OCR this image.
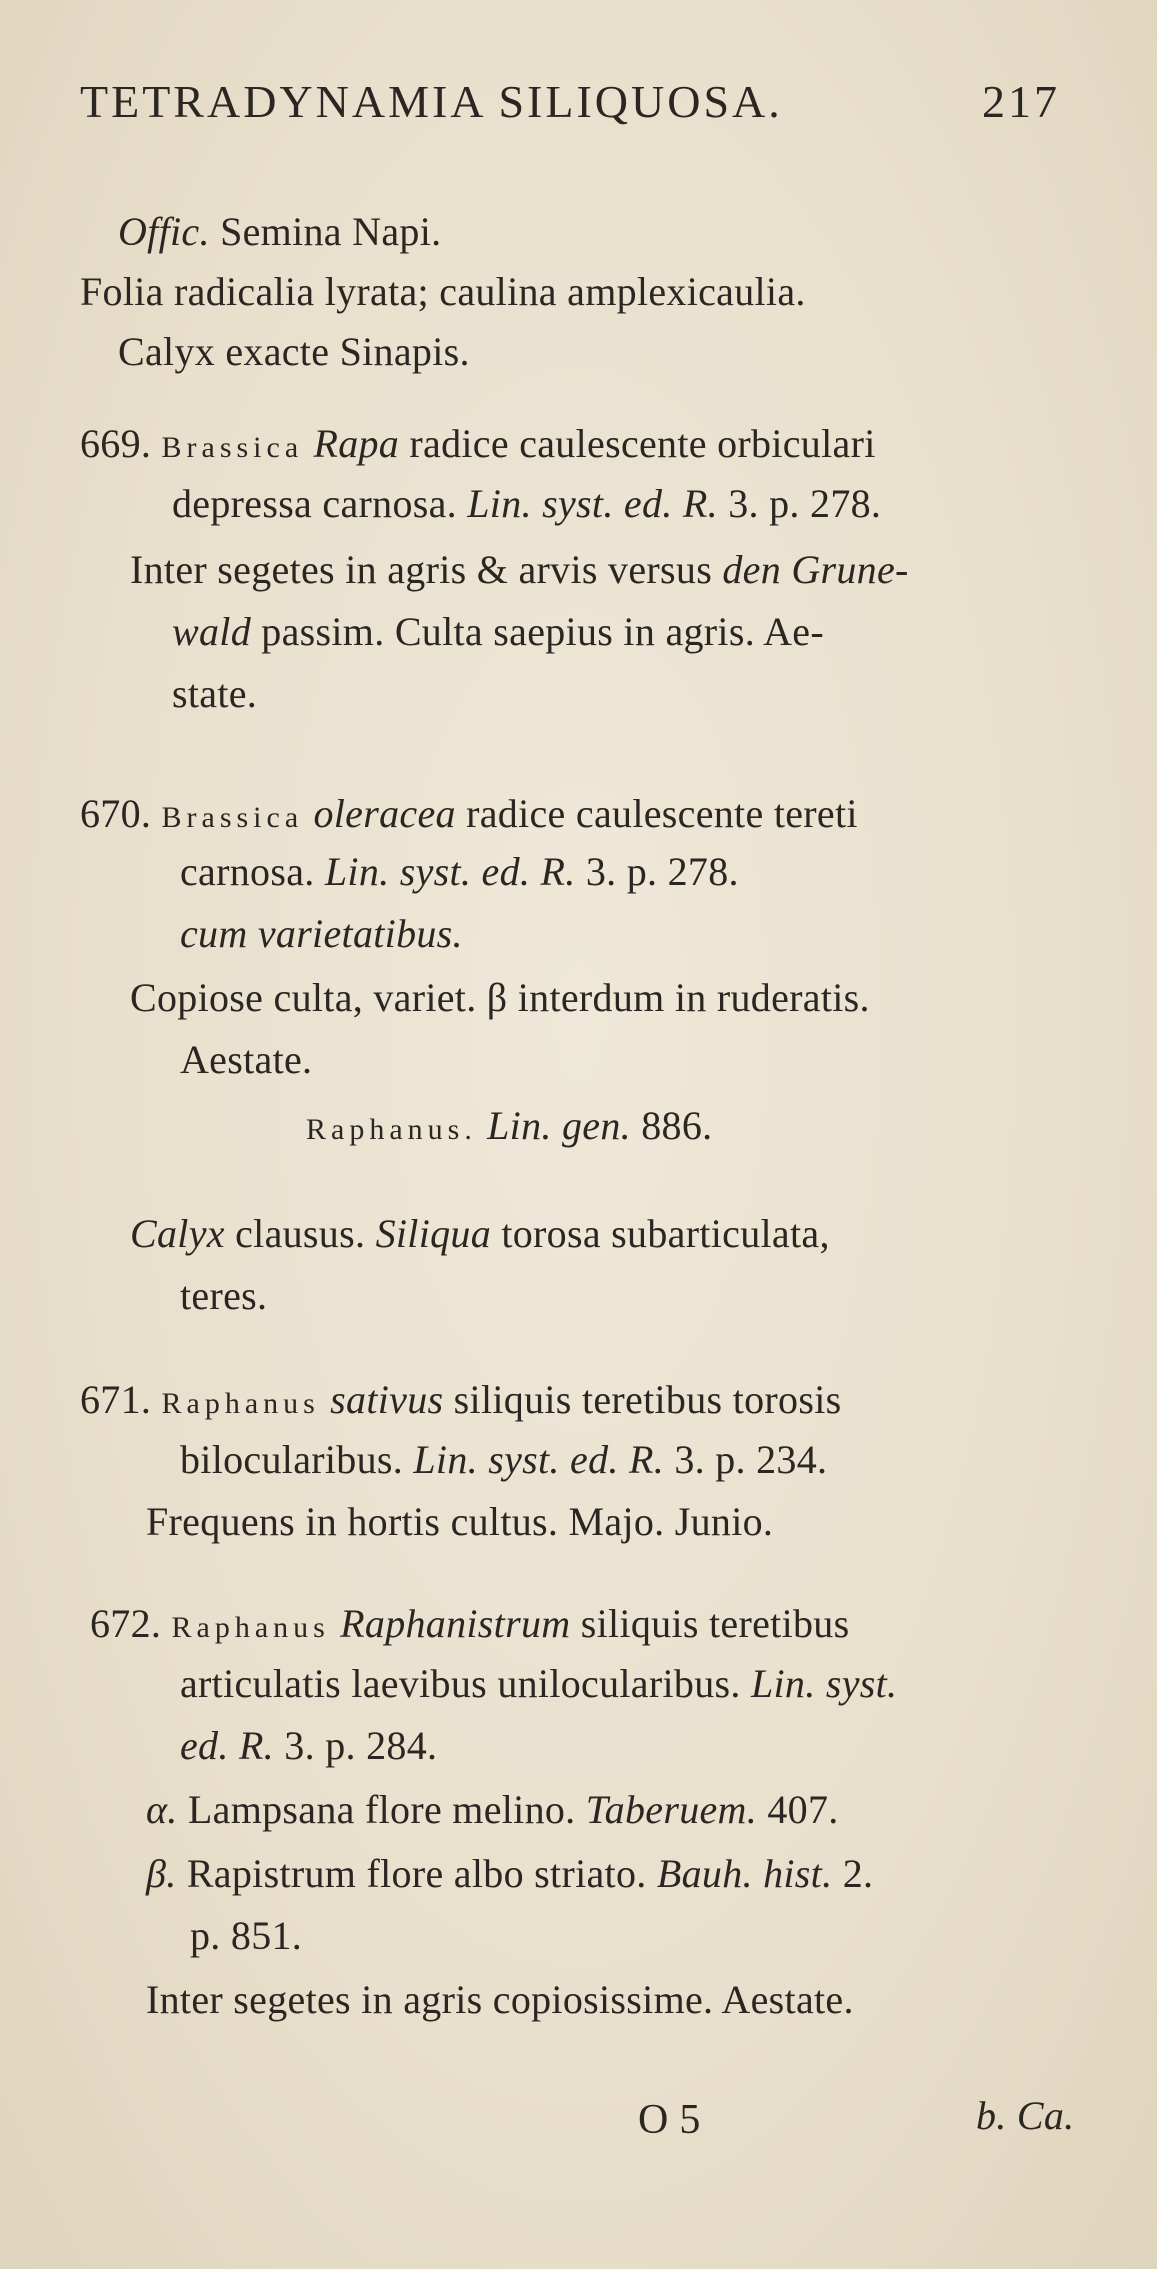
TETRADYNAMIA SILIQUOSA.	217
Offic. Semina Napi.
Folia radicalia lyrata; caulina amplexicaulia.
Calyx exacte Sinapis.
669. Brassica Rapa radice caulescente orbiculari
depressa carnosa. Lin. syst. ed. R. 3. p. 278.
Inter segetes in agris & arvis versus den Grune-
wald passim. Culta saepius in agris. Ae-
state.
670. Brassica oleracea radice caulescente tereti
carnosa. Lin. syst. ed. R. 3. p. 278.
cum varietatibus.
Copiose culta, variet. β interdum in ruderatis.
Aestate.
Raphanus. Lin. gen. 886.
Calyx clausus. Siliqua torosa subarticulata,
teres.
671. Raphanus sativus siliquis teretibus torosis
bilocularibus. Lin. syst. ed. R. 3. p. 234.
Frequens in hortis cultus. Majo. Junio.
672. Raphanus Raphanistrum siliquis teretibus
articulatis laevibus unilocularibus. Lin. syst.
ed. R. 3. p. 284.
α. Lampsana flore melino. Taberuem. 407.
β. Rapistrum flore albo striato. Bauh. hist. 2.
p. 851.
Inter segetes in agris copiosissime. Aestate.
O 5	b. Ca.
